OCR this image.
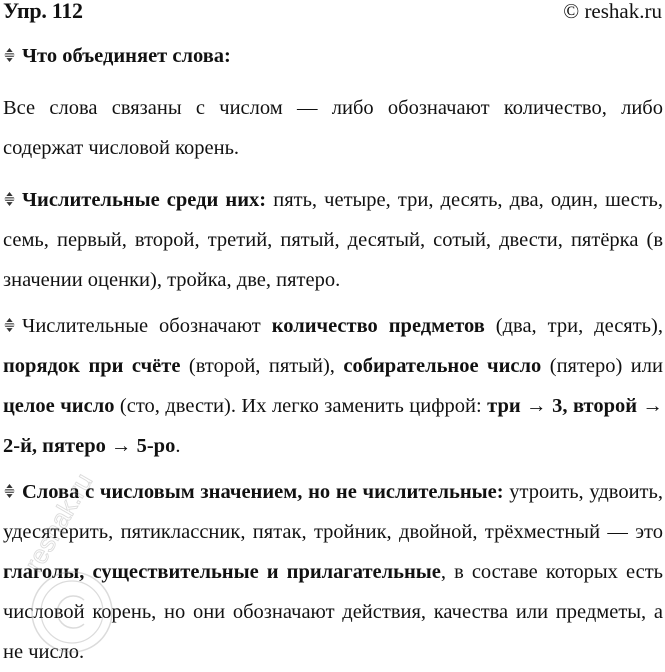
Упр. 112	© reshak.ru
Что объединяет слова:
Все слова связаны с числом — либо обозначают количество, либо содержат числовой корень.
Числительные среди них: пять, четыре, три, десять, два, один, шесть, семь, первый, второй, третий, пятый, десятый, сотый, двести, пятёрка (в значении оценки), тройка, две, пятеро.
Числительные обозначают количество предметов (два, три, десять), порядок при счёте (второй, пятый), собирательное число (пятеро) или целое число (сто, двести). Их легко заменить цифрой: три → 3, второй → 2-й, пятеро → 5-ро.
Слова с числовым значением, но не числительные: утроить, удвоить, удесятерить, пятиклассник, пятак, тройник, двойной, трёхместный — это глаголы, существительные и прилагательные, в составе которых есть числовой корень, но они обозначают действия, качества или предметы, а не число.
reshak.ru
